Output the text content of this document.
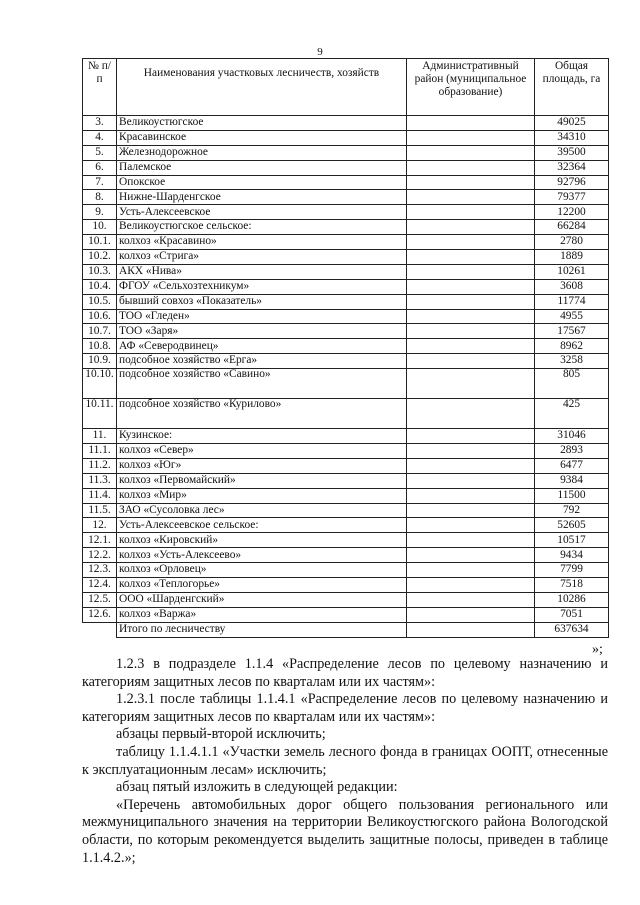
9
№ п/п	Наименования участковых лесничеств, хозяйств	Административный район (муниципальное образование)	Общая площадь, га
3.	Великоустюгское		49025
4.	Красавинское		34310
5.	Железнодорожное		39500
6.	Палемское		32364
7.	Опокское		92796
8.	Нижне-Шарденгское		79377
9.	Усть-Алексеевское		12200
10.	Великоустюгское сельское:		66284
10.1.	колхоз «Красавино»		2780
10.2.	колхоз «Стрига»		1889
10.3.	АКХ «Нива»		10261
10.4.	ФГОУ «Сельхозтехникум»		3608
10.5.	бывший совхоз «Показатель»		11774
10.6.	ТОО «Гледен»		4955
10.7.	ТОО «Заря»		17567
10.8.	АФ «Северодвинец»		8962
10.9.	подсобное хозяйство «Ерга»		3258
10.10.	подсобное хозяйство «Савино»		805
10.11.	подсобное хозяйство «Курилово»		425
11.	Кузинское:		31046
11.1.	колхоз «Север»		2893
11.2.	колхоз «Юг»		6477
11.3.	колхоз «Первомайский»		9384
11.4.	колхоз «Мир»		11500
11.5.	ЗАО «Сусоловка лес»		792
12.	Усть-Алексеевское сельское:		52605
12.1.	колхоз «Кировский»		10517
12.2.	колхоз «Усть-Алексеево»		9434
12.3.	колхоз «Орловец»		7799
12.4.	колхоз «Теплогорье»		7518
12.5.	ООО «Шарденгский»		10286
12.6.	колхоз «Варжа»		7051
	Итого по лесничеству		637634
»;

1.2.3 в подразделе 1.1.4 «Распределение лесов по целевому назначению и категориям защитных лесов по кварталам или их частям»:

1.2.3.1 после таблицы 1.1.4.1 «Распределение лесов по целевому назначению и категориям защитных лесов по кварталам или их частям»:

абзацы первый-второй исключить;

таблицу 1.1.4.1.1 «Участки земель лесного фонда в границах ООПТ, отнесенные к эксплуатационным лесам» исключить;

абзац пятый изложить в следующей редакции:

«Перечень автомобильных дорог общего пользования регионального или межмуниципального значения на территории Великоустюгского района Вологодской области, по которым рекомендуется выделить защитные полосы, приведен в таблице 1.1.4.2.»;
